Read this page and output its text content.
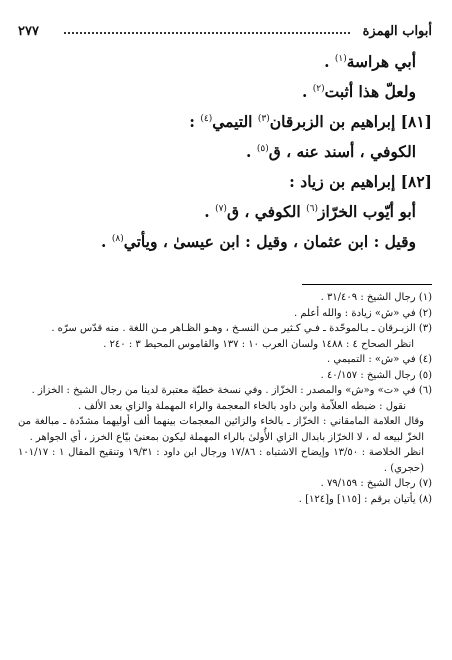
أبواب الهمزة
٢٧٧
أبي هراسة$^{(١)}$ .
ولعلّ هذا أثبت$^{(٢)}$ .
[٨١] إبراهيم بن الزبرقان$^{(٣)}$ التيمي$^{(٤)}$ :
الكوفي ، أسند عنه ، ق$^{(٥)}$ .
[٨٢] إبراهيم بن زياد :
أبو أيّوب الخرّاز$^{(٦)}$ الكوفي ، ق$^{(٧)}$ .
وقيل : ابن عثمان ، وقيل : ابن عيسىٰ ، ويأتي$^{(٨)}$ .
(١) رجال الشيخ : ٣١/٤٠٩ .
(٢) في «ش» زيادة : والله أعلم .
(٣) الزبـرقان ـ بـالموحّدة ـ فـي كـثير مـن النسـخ ، وهـو الظـاهر مـن اللغة . منه قدّس سرّه .
انظر الصحاح ٤ : ١٤٨٨ ولسان العرب ١٠ : ١٣٧ والقاموس المحيط ٣ : ٢٤٠ .
(٤) في «ش» : التميمي .
(٥) رجال الشيخ : ٤٠/١٥٧ .
(٦) في «ت» و«ش» والمصدر : الخزّاز . وفي نسخة خطيّة معتبرة لدينا من رجال الشيخ : الخزاز .
نقول : ضبطه العلاّمة وابن داود بالخاء المعجمة والراء المهملة والزاي بعد الألف .
وقال العلامة المامقاني : الخزّاز ـ بالخاء والزائين المعجمات بينهما ألف أوليهما مشدّدة ـ مبالغة من الخزّ لبيعه له ، لا الخرّاز بابدال الزاي الأُولىٰ بالراء المهملة ليكون بمعنىٰ بيّاع الخرز ، أي الجواهر .
انظر الخلاصة : ١٣/٥٠ وإيضاح الاشتباه : ١٧/٨٦ ورجال ابن داود : ١٩/٣١ وتنقيح المقال ١ : ١٠١/١٧ (حجري) .
(٧) رجال الشيخ : ٧٩/١٥٩ .
(٨) يأتيان برقم : [١١٥] و[١٢٤] .
